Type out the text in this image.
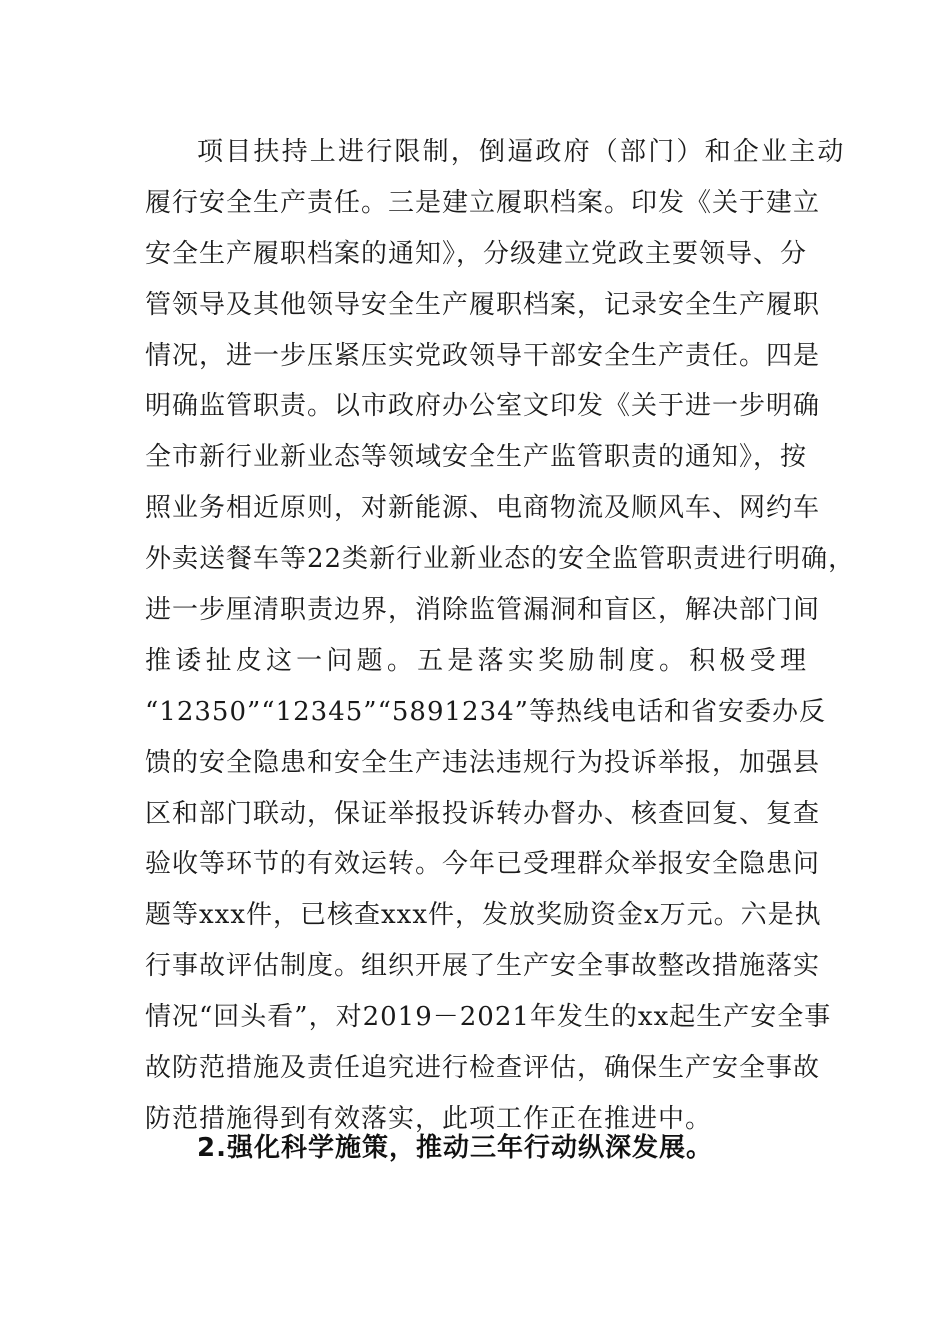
项目扶持上进行限制，倒逼政府（部门）和企业主动
履行安全生产责任。三是建立履职档案。印发《关于建立
安全生产履职档案的通知》，分级建立党政主要领导、分
管领导及其他领导安全生产履职档案，记录安全生产履职
情况，进一步压紧压实党政领导干部安全生产责任。四是
明确监管职责。以市政府办公室文印发《关于进一步明确
全市新行业新业态等领域安全生产监管职责的通知》，按
照业务相近原则，对新能源、电商物流及顺风车、网约车
外卖送餐车等22类新行业新业态的安全监管职责进行明确，
进一步厘清职责边界，消除监管漏洞和盲区，解决部门间
推诿扯皮这一问题。五是落实奖励制度。积极受理
“12350”“12345”“5891234”等热线电话和省安委办反
馈的安全隐患和安全生产违法违规行为投诉举报，加强县
区和部门联动，保证举报投诉转办督办、核查回复、复查
验收等环节的有效运转。今年已受理群众举报安全隐患问
题等xxx件，已核查xxx件，发放奖励资金x万元。六是执
行事故评估制度。组织开展了生产安全事故整改措施落实
情况“回头看”，对2019－2021年发生的xx起生产安全事
故防范措施及责任追究进行检查评估，确保生产安全事故
防范措施得到有效落实，此项工作正在推进中。
2.强化科学施策，推动三年行动纵深发展。
